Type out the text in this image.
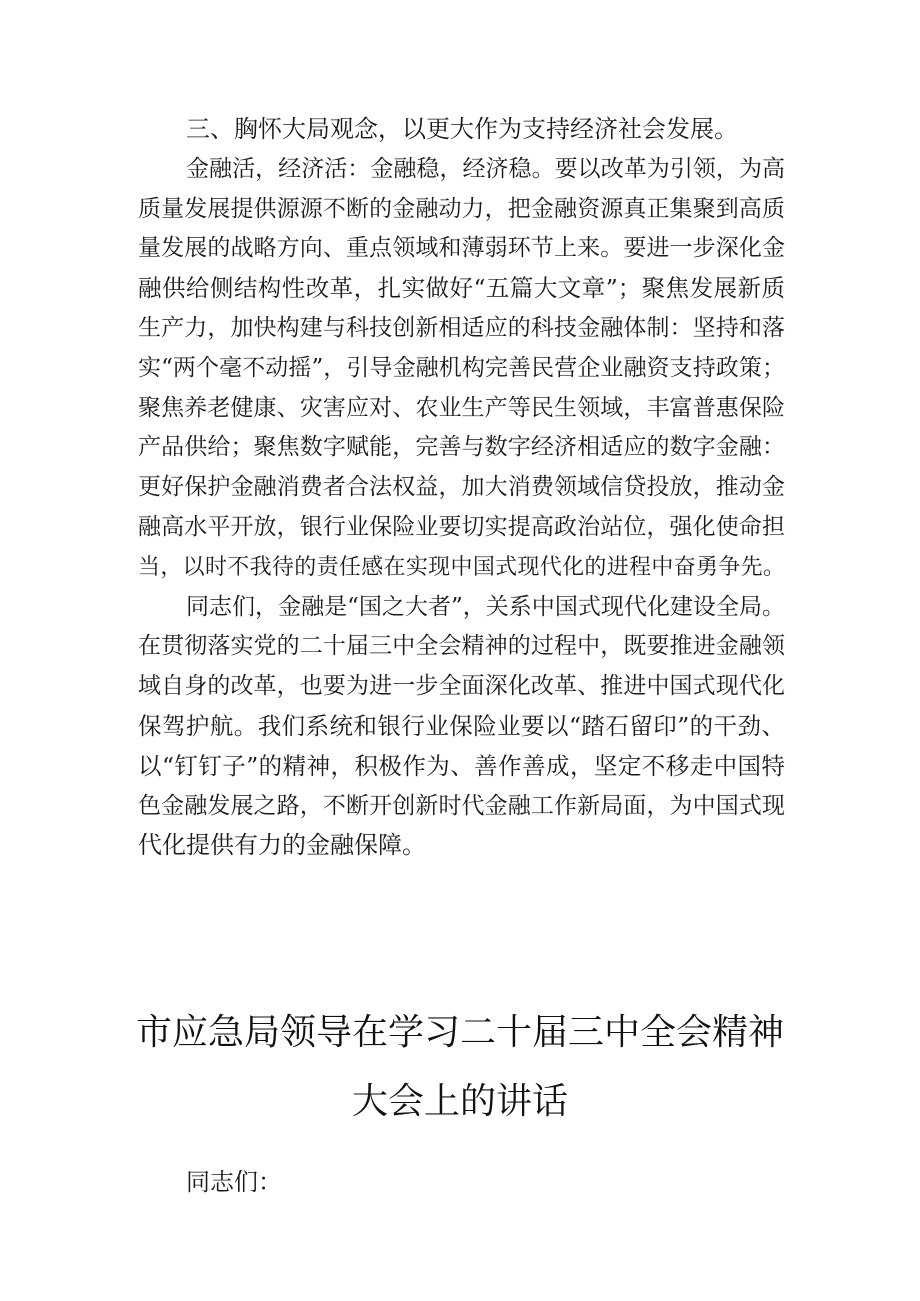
三、胸怀大局观念，以更大作为支持经济社会发展。
金融活，经济活：金融稳，经济稳。要以改革为引领，为高
质量发展提供源源不断的金融动力，把金融资源真正集聚到高质
量发展的战略方向、重点领域和薄弱环节上来。要进一步深化金
融供给侧结构性改革，扎实做好“五篇大文章”；聚焦发展新质
生产力，加快构建与科技创新相适应的科技金融体制：坚持和落
实“两个毫不动摇”，引导金融机构完善民营企业融资支持政策；
聚焦养老健康、灾害应对、农业生产等民生领域，丰富普惠保险
产品供给；聚焦数字赋能，完善与数字经济相适应的数字金融：
更好保护金融消费者合法权益，加大消费领域信贷投放，推动金
融高水平开放，银行业保险业要切实提高政治站位，强化使命担
当，以时不我待的责任感在实现中国式现代化的进程中奋勇争先。
同志们，金融是“国之大者”，关系中国式现代化建设全局。
在贯彻落实党的二十届三中全会精神的过程中，既要推进金融领
域自身的改革，也要为进一步全面深化改革、推进中国式现代化
保驾护航。我们系统和银行业保险业要以“踏石留印”的干劲、
以“钉钉子”的精神，积极作为、善作善成，坚定不移走中国特
色金融发展之路，不断开创新时代金融工作新局面，为中国式现
代化提供有力的金融保障。
市应急局领导在学习二十届三中全会精神
大会上的讲话
同志们：
